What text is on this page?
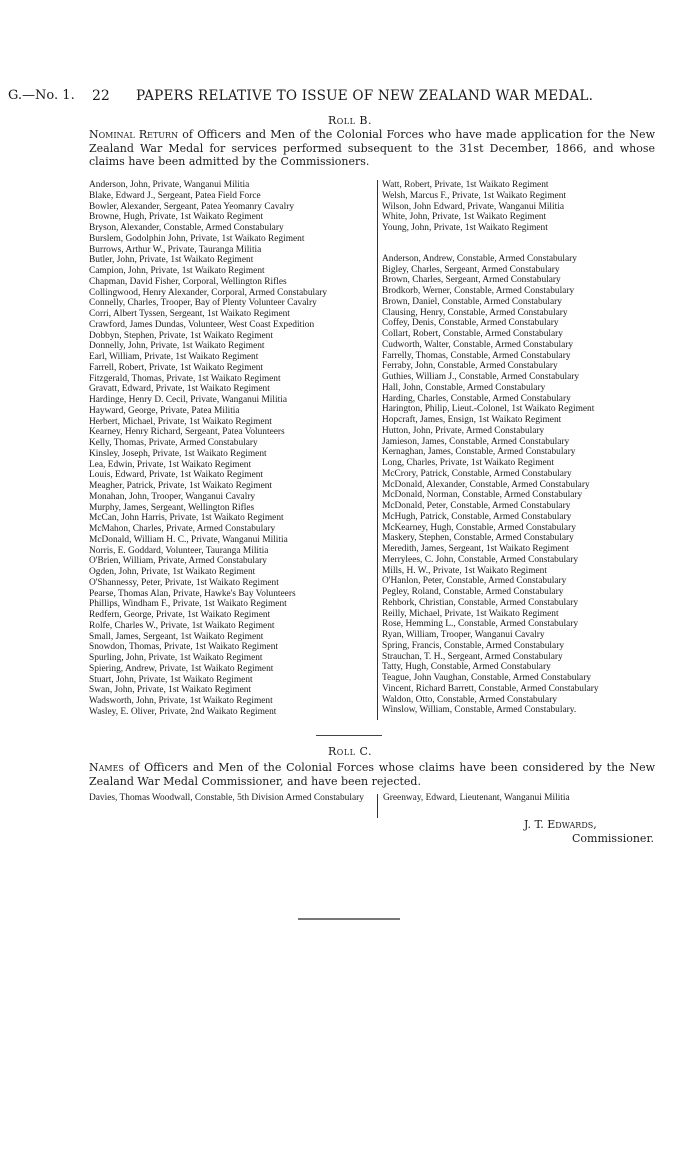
G.—No. 1. 22 PAPERS RELATIVE TO ISSUE OF NEW ZEALAND WAR MEDAL.
Roll B.
Nominal Return of Officers and Men of the Colonial Forces who have made application for the New Zealand War Medal for services performed subsequent to the 31st December, 1866, and whose claims have been admitted by the Commissioners.
Anderson, John, Private, Wanganui Militia
Blake, Edward J., Sergeant, Patea Field Force
Bowler, Alexander, Sergeant, Patea Yeomanry Cavalry
Browne, Hugh, Private, 1st Waikato Regiment
Bryson, Alexander, Constable, Armed Constabulary
Burslem, Godolphin John, Private, 1st Waikato Regiment
Burrows, Arthur W., Private, Tauranga Militia
Butler, John, Private, 1st Waikato Regiment
Campion, John, Private, 1st Waikato Regiment
Chapman, David Fisher, Corporal, Wellington Rifles
Collingwood, Henry Alexander, Corporal, Armed Constabulary
Connelly, Charles, Trooper, Bay of Plenty Volunteer Cavalry
Corri, Albert Tyssen, Sergeant, 1st Waikato Regiment
Crawford, James Dundas, Volunteer, West Coast Expedition
Dobbyn, Stephen, Private, 1st Waikato Regiment
Donnelly, John, Private, 1st Waikato Regiment
Earl, William, Private, 1st Waikato Regiment
Farrell, Robert, Private, 1st Waikato Regiment
Fitzgerald, Thomas, Private, 1st Waikato Regiment
Gravatt, Edward, Private, 1st Waikato Regiment
Hardinge, Henry D. Cecil, Private, Wanganui Militia
Hayward, George, Private, Patea Militia
Herbert, Michael, Private, 1st Waikato Regiment
Kearney, Henry Richard, Sergeant, Patea Volunteers
Kelly, Thomas, Private, Armed Constabulary
Kinsley, Joseph, Private, 1st Waikato Regiment
Lea, Edwin, Private, 1st Waikato Regiment
Louis, Edward, Private, 1st Waikato Regiment
Meagher, Patrick, Private, 1st Waikato Regiment
Monahan, John, Trooper, Wanganui Cavalry
Murphy, James, Sergeant, Wellington Rifles
McCan, John Harris, Private, 1st Waikato Regiment
McMahon, Charles, Private, Armed Constabulary
McDonald, William H. C., Private, Wanganui Militia
Norris, E. Goddard, Volunteer, Tauranga Militia
O'Brien, William, Private, Armed Constabulary
Ogden, John, Private, 1st Waikato Regiment
O'Shannessy, Peter, Private, 1st Waikato Regiment
Pearse, Thomas Alan, Private, Hawke's Bay Volunteers
Phillips, Windham F., Private, 1st Waikato Regiment
Redfern, George, Private, 1st Waikato Regiment
Rolfe, Charles W., Private, 1st Waikato Regiment
Small, James, Sergeant, 1st Waikato Regiment
Snowdon, Thomas, Private, 1st Waikato Regiment
Spurling, John, Private, 1st Waikato Regiment
Spiering, Andrew, Private, 1st Waikato Regiment
Stuart, John, Private, 1st Waikato Regiment
Swan, John, Private, 1st Waikato Regiment
Wadsworth, John, Private, 1st Waikato Regiment
Wasley, E. Oliver, Private, 2nd Waikato Regiment
Watt, Robert, Private, 1st Waikato Regiment
Welsh, Marcus F., Private, 1st Waikato Regiment
Wilson, John Edward, Private, Wanganui Militia
White, John, Private, 1st Waikato Regiment
Young, John, Private, 1st Waikato Regiment
Anderson, Andrew, Constable, Armed Constabulary
Bigley, Charles, Sergeant, Armed Constabulary
Brown, Charles, Sergeant, Armed Constabulary
Brodkorb, Werner, Constable, Armed Constabulary
Brown, Daniel, Constable, Armed Constabulary
Clausing, Henry, Constable, Armed Constabulary
Coffey, Denis, Constable, Armed Constabulary
Collart, Robert, Constable, Armed Constabulary
Cudworth, Walter, Constable, Armed Constabulary
Farrelly, Thomas, Constable, Armed Constabulary
Ferraby, John, Constable, Armed Constabulary
Guthies, William J., Constable, Armed Constabulary
Hall, John, Constable, Armed Constabulary
Harding, Charles, Constable, Armed Constabulary
Harington, Philip, Lieut.-Colonel, 1st Waikato Regiment
Hopcraft, James, Ensign, 1st Waikato Regiment
Hutton, John, Private, Armed Constabulary
Jamieson, James, Constable, Armed Constabulary
Kernaghan, James, Constable, Armed Constabulary
Long, Charles, Private, 1st Waikato Regiment
McCrory, Patrick, Constable, Armed Constabulary
McDonald, Alexander, Constable, Armed Constabulary
McDonald, Norman, Constable, Armed Constabulary
McDonald, Peter, Constable, Armed Constabulary
McHugh, Patrick, Constable, Armed Constabulary
McKearney, Hugh, Constable, Armed Constabulary
Maskery, Stephen, Constable, Armed Constabulary
Meredith, James, Sergeant, 1st Waikato Regiment
Merrylees, C. John, Constable, Armed Constabulary
Mills, H. W., Private, 1st Waikato Regiment
O'Hanlon, Peter, Constable, Armed Constabulary
Pegley, Roland, Constable, Armed Constabulary
Rehbork, Christian, Constable, Armed Constabulary
Reilly, Michael, Private, 1st Waikato Regiment
Rose, Hemming L., Constable, Armed Constabulary
Ryan, William, Trooper, Wanganui Cavalry
Spring, Francis, Constable, Armed Constabulary
Strauchan, T. H., Sergeant, Armed Constabulary
Tatty, Hugh, Constable, Armed Constabulary
Teague, John Vaughan, Constable, Armed Constabulary
Vincent, Richard Barrett, Constable, Armed Constabulary
Waldon, Otto, Constable, Armed Constabulary
Winslow, William, Constable, Armed Constabulary.
Roll C.
Names of Officers and Men of the Colonial Forces whose claims have been considered by the New Zealand War Medal Commissioner, and have been rejected.
Davies, Thomas Woodwall, Constable, 5th Division Armed Constabulary	Greenway, Edward, Lieutenant, Wanganui Militia
J. T. Edwards,
Commissioner.
